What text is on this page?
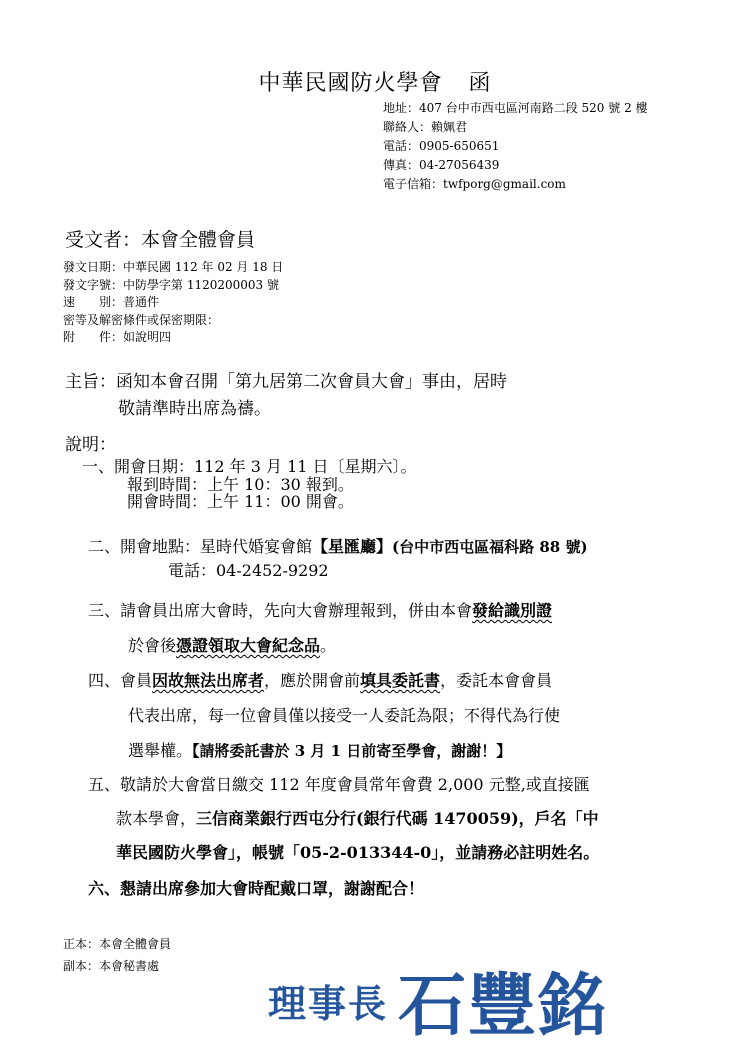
中華民國防火學會 函
地址：407 台中市西屯區河南路二段 520 號 2 樓
聯絡人：賴姵君
電話：0905-650651
傳真：04-27056439
電子信箱：twfporg@gmail.com
受文者：本會全體會員
發文日期：中華民國 112 年 02 月 18 日
發文字號：中防學字第 1120200003 號
速　　別：普通件
密等及解密條件或保密期限：
附　　件：如說明四
主旨：函知本會召開「第九居第二次會員大會」事由，居時
敬請準時出席為禱。
說明：
一、開會日期：112 年 3 月 11 日〔星期六〕。
報到時間：上午 10：30 報到。
開會時間：上午 11：00 開會。
二、開會地點：星時代婚宴會館【星匯廳】(台中市西屯區福科路 88 號)
電話：04-2452-9292
三、請會員出席大會時，先向大會辦理報到，併由本會發給識別證
於會後憑證領取大會紀念品。
四、會員因故無法出席者，應於開會前填具委託書，委託本會會員
代表出席，每一位會員僅以接受一人委託為限；不得代為行使
選舉權。【請將委託書於 3 月 1 日前寄至學會，謝謝！】
五、敬請於大會當日繳交 112 年度會員常年會費 2,000 元整,或直接匯
款本學會，三信商業銀行西屯分行(銀行代碼 1470059)，戶名「中
華民國防火學會」，帳號「05-2-013344-0」，並請務必註明姓名。
六、懇請出席參加大會時配戴口罩，謝謝配合！
正本：本會全體會員
副本：本會秘書處
理事長 石豐銘
